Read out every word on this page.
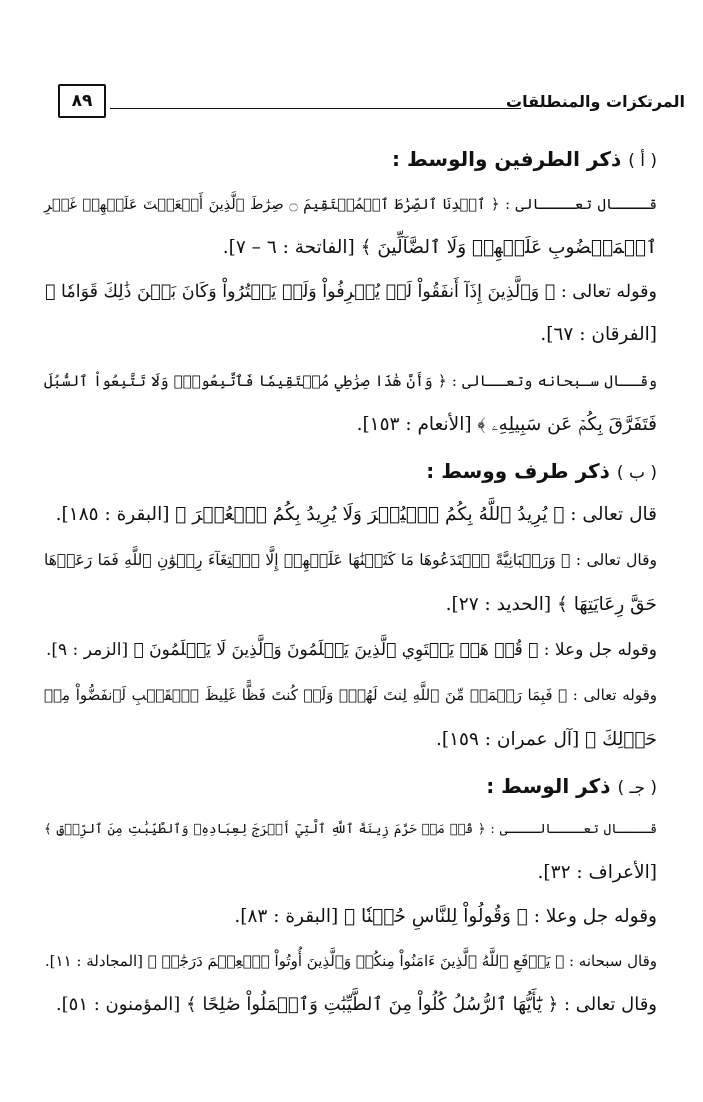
٨٩	المرتكزات والمنطلقات
( أ ) ذكر الطرفين والوسط :
قــــال تعــــالى : ﴿ ٱهۡدِنَا ٱلصِّرَٰطَ ٱلۡمُسۡتَقِيمَ ۝ صِرَٰطَ ٱلَّذِينَ أَنۡعَمۡتَ عَلَيۡهِمۡ غَيۡرِ
ٱلۡمَغۡضُوبِ عَلَيۡهِمۡ وَلَا ٱلضَّآلِّينَ ﴾ [الفاتحة : ٦ – ٧].
وقوله تعالى : ﴿ وَٱلَّذِينَ إِذَآ أَنفَقُواْ لَمۡ يُسۡرِفُواْ وَلَمۡ يَقۡتُرُواْ وَكَانَ بَيۡنَ ذَٰلِكَ قَوَامٗا ﴾
[الفرقان : ٦٧].
وقــال سـبحانه وتعــالى : ﴿ وَأَنَّ هَٰذَا صِرَٰطِي مُسۡتَقِيمٗا فَٱتَّبِعُوهُۖ وَلَا تَتَّبِعُواْ ٱلسُّبُلَ
فَتَفَرَّقَ بِكُمۡ عَن سَبِيلِهِۦ ﴾ [الأنعام : ١٥٣].
( ب ) ذكر طرف ووسط :
قال تعالى : ﴿ يُرِيدُ ٱللَّهُ بِكُمُ ٱلۡيُسۡرَ وَلَا يُرِيدُ بِكُمُ ٱلۡعُسۡرَ ﴾ [البقرة : ١٨٥].
وقال تعالى : ﴿ وَرَهۡبَانِيَّةً ٱبۡتَدَعُوهَا مَا كَتَبۡنَٰهَا عَلَيۡهِمۡ إِلَّا ٱبۡتِغَآءَ رِضۡوَٰنِ ٱللَّهِ فَمَا رَعَوۡهَا
حَقَّ رِعَايَتِهَا ﴾ [الحديد : ٢٧].
وقوله جل وعلا : ﴿ قُلۡ هَلۡ يَسۡتَوِي ٱلَّذِينَ يَعۡلَمُونَ وَٱلَّذِينَ لَا يَعۡلَمُونَ ﴾ [الزمر : ٩].
وقوله تعالى : ﴿ فَبِمَا رَحۡمَةٖ مِّنَ ٱللَّهِ لِنتَ لَهُمۡۖ وَلَوۡ كُنتَ فَظًّا غَلِيظَ ٱلۡقَلۡبِ لَٱنفَضُّواْ مِنۡ
حَوۡلِكَ ﴾ [آل عمران : ١٥٩].
( جـ ) ذكر الوسط :
قــــال تعــــالــــى : ﴿ قُلۡ مَنۡ حَرَّمَ زِينَةَ ٱللَّهِ ٱلَّتِيٓ أَخۡرَجَ لِعِبَادِهِۦ وَٱلطَّيِّبَٰتِ مِنَ ٱلرِّزۡقِ ﴾
[الأعراف : ٣٢].
وقوله جل وعلا : ﴿ وَقُولُواْ لِلنَّاسِ حُسۡنٗا ﴾ [البقرة : ٨٣].
وقال سبحانه : ﴿ يَرۡفَعِ ٱللَّهُ ٱلَّذِينَ ءَامَنُواْ مِنكُمۡ وَٱلَّذِينَ أُوتُواْ ٱلۡعِلۡمَ دَرَجَٰتٖ ﴾ [المجادلة : ١١].
وقال تعالى : ﴿ يَٰٓأَيُّهَا ٱلرُّسُلُ كُلُواْ مِنَ ٱلطَّيِّبَٰتِ وَٱعۡمَلُواْ صَٰلِحًا ﴾ [المؤمنون : ٥١].
